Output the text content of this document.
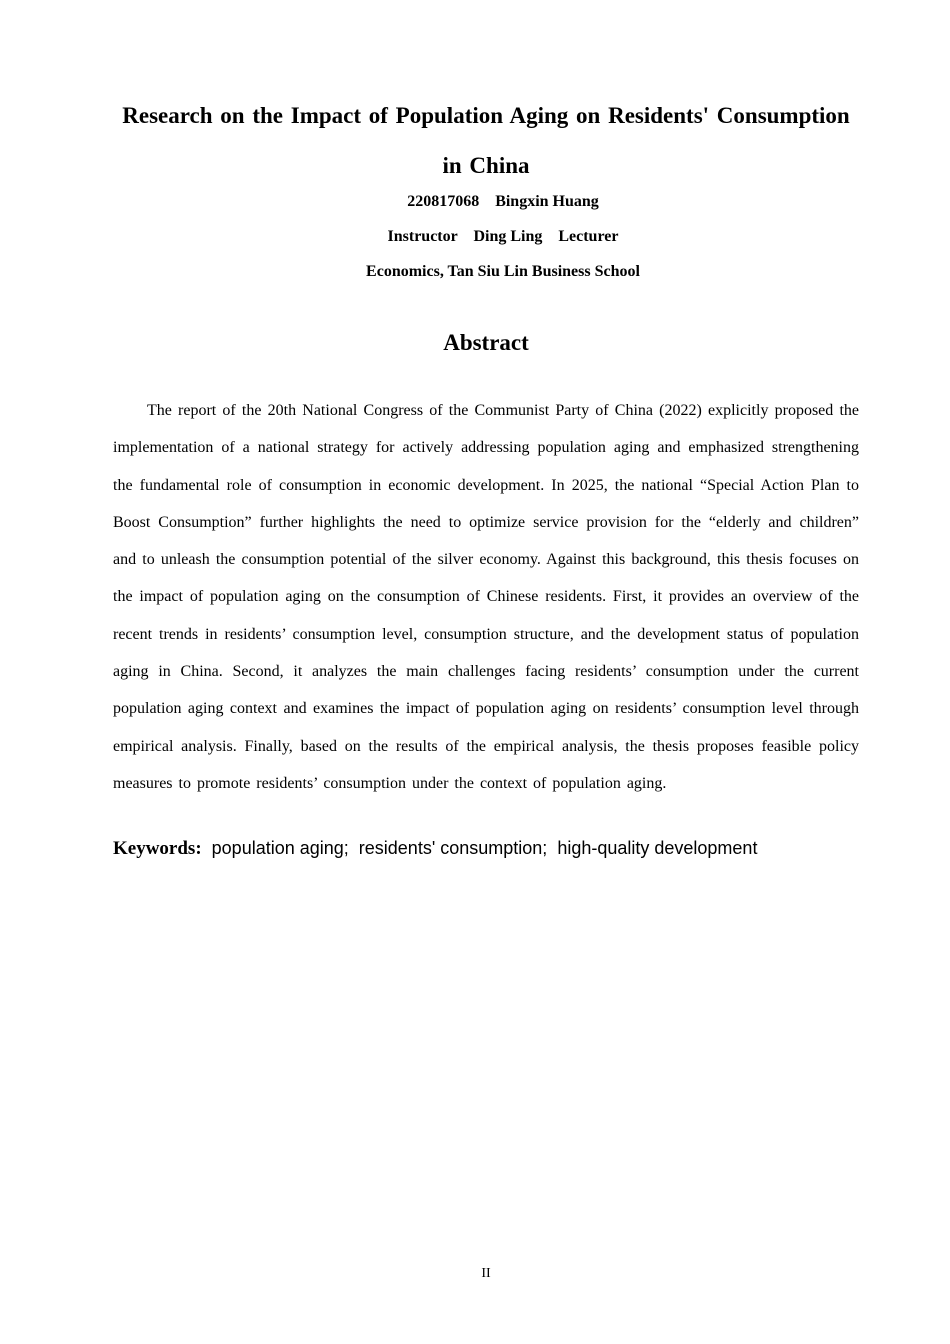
Research on the Impact of Population Aging on Residents' Consumption in China

220817068    Bingxin Huang

Instructor    Ding Ling    Lecturer

Economics, Tan Siu Lin Business School

Abstract

The report of the 20th National Congress of the Communist Party of China (2022) explicitly proposed the implementation of a national strategy for actively addressing population aging and emphasized strengthening the fundamental role of consumption in economic development. In 2025, the national “Special Action Plan to Boost Consumption” further highlights the need to optimize service provision for the “elderly and children” and to unleash the consumption potential of the silver economy. Against this background, this thesis focuses on the impact of population aging on the consumption of Chinese residents. First, it provides an overview of the recent trends in residents’ consumption level, consumption structure, and the development status of population aging in China. Second, it analyzes the main challenges facing residents’ consumption under the current population aging context and examines the impact of population aging on residents’ consumption level through empirical analysis. Finally, based on the results of the empirical analysis, the thesis proposes feasible policy measures to promote residents’ consumption under the context of population aging.

Keywords:  population aging;  residents' consumption;  high-quality development

II
